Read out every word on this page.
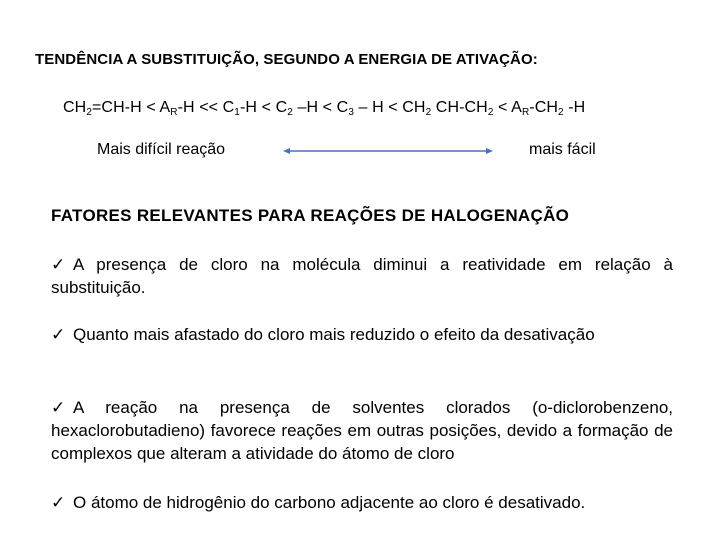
TENDÊNCIA A SUBSTITUIÇÃO, SEGUNDO A ENERGIA DE ATIVAÇÃO:
$CH_2=CH-H < A_R-H << C_1-H < C_2$ $-H < C_3 - H < CH_2$ $CH-CH_2 < A_R-CH_2$ -H
Mais difícil reação	mais fácil
FATORES RELEVANTES PARA REAÇÕES DE HALOGENAÇÃO
✓ A presença de cloro na molécula diminui a reatividade em relação à substituição.
✓ Quanto mais afastado do cloro mais reduzido o efeito da desativação
✓ A reação na presença de solventes clorados (o-diclorobenzeno, hexaclorobutadieno) favorece reações em outras posições, devido a formação de complexos que alteram a atividade do átomo de cloro
✓ O átomo de hidrogênio do carbono adjacente ao cloro é desativado.
